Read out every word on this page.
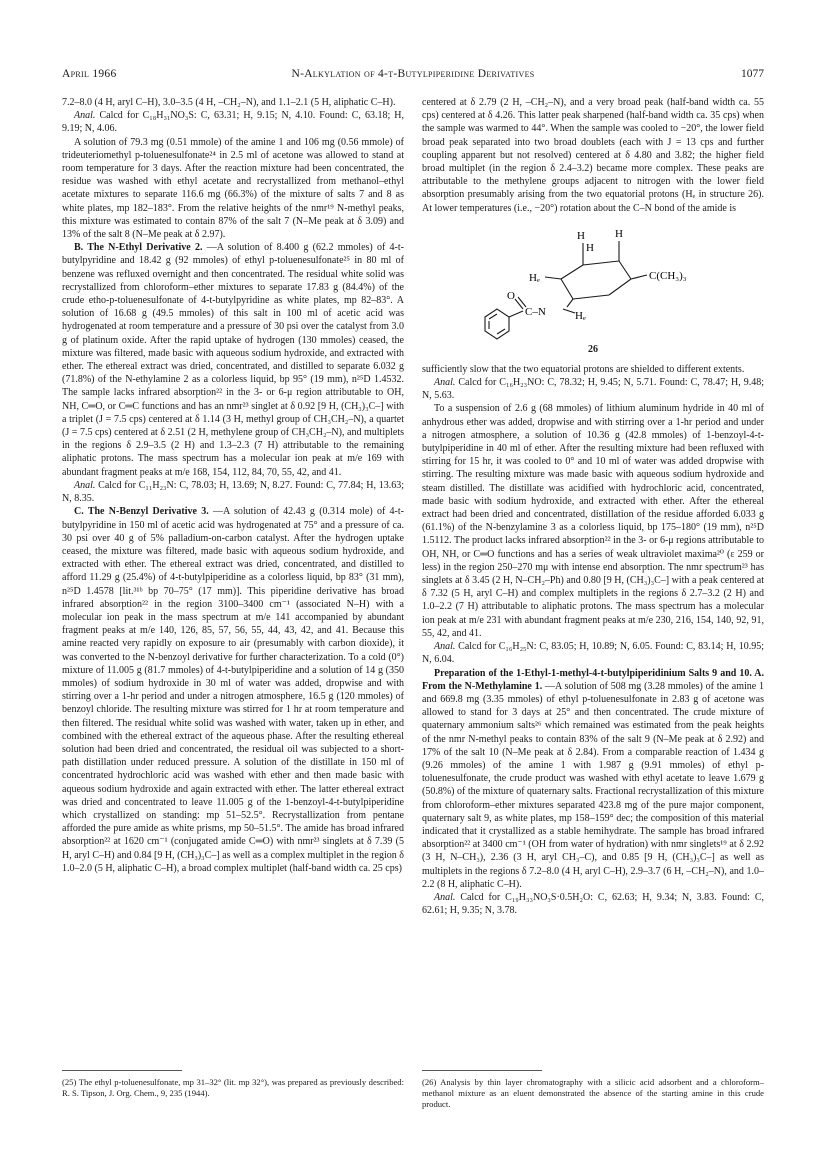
April 1966	N-Alkylation of 4-t-Butylpiperidine Derivatives	1077

7.2–8.0 (4 H, aryl C–H), 3.0–3.5 (4 H, –CH₂–N), and 1.1–2.1 (5 H, aliphatic C–H).

Anal. Calcd for C₁₈H₃₁NO₃S: C, 63.31; H, 9.15; N, 4.10. Found: C, 63.18; H, 9.19; N, 4.06.

A solution of 79.3 mg (0.51 mmole) of the amine 1 and 106 mg (0.56 mmole) of trideuteriomethyl p-toluenesulfonate²⁴ in 2.5 ml of acetone was allowed to stand at room temperature for 3 days. After the reaction mixture had been concentrated, the residue was washed with ethyl acetate and recrystallized from methanol–ethyl acetate mixtures to separate 116.6 mg (66.3%) of the mixture of salts 7 and 8 as white plates, mp 182–183°. From the relative heights of the nmr¹⁹ N-methyl peaks, this mixture was estimated to contain 87% of the salt 7 (N–Me peak at δ 3.09) and 13% of the salt 8 (N–Me peak at δ 2.97).

B. The N-Ethyl Derivative 2. —A solution of 8.400 g (62.2 mmoles) of 4-t-butylpyridine and 18.42 g (92 mmoles) of ethyl p-toluenesulfonate²⁵ in 80 ml of benzene was refluxed overnight and then concentrated. The residual white solid was recrystallized from chloroform–ether mixtures to separate 17.83 g (84.4%) of the crude etho-p-toluenesulfonate of 4-t-butylpyridine as white plates, mp 82–83°. A solution of 16.68 g (49.5 mmoles) of this salt in 100 ml of acetic acid was hydrogenated at room temperature and a pressure of 30 psi over the catalyst from 3.0 g of platinum oxide. After the rapid uptake of hydrogen (130 mmoles) ceased, the mixture was filtered, made basic with aqueous sodium hydroxide, and extracted with ether. The ethereal extract was dried, concentrated, and distilled to separate 6.032 g (71.8%) of the N-ethylamine 2 as a colorless liquid, bp 95° (19 mm), n²⁵D 1.4532. The sample lacks infrared absorption²² in the 3- or 6-μ region attributable to OH, NH, C═O, or C═C functions and has an nmr²³ singlet at δ 0.92 [9 H, (CH₃)₃C–] with a triplet (J = 7.5 cps) centered at δ 1.14 (3 H, methyl group of CH₃CH₂–N), a quartet (J = 7.5 cps) centered at δ 2.51 (2 H, methylene group of CH₃CH₂–N), and multiplets in the regions δ 2.9–3.5 (2 H) and 1.3–2.3 (7 H) attributable to the remaining aliphatic protons. The mass spectrum has a molecular ion peak at m/e 169 with abundant fragment peaks at m/e 168, 154, 112, 84, 70, 55, 42, and 41.

Anal. Calcd for C₁₁H₂₃N: C, 78.03; H, 13.69; N, 8.27. Found: C, 77.84; H, 13.63; N, 8.35.

C. The N-Benzyl Derivative 3. —A solution of 42.43 g (0.314 mole) of 4-t-butylpyridine in 150 ml of acetic acid was hydrogenated at 75° and a pressure of ca. 30 psi over 40 g of 5% palladium-on-carbon catalyst. After the hydrogen uptake ceased, the mixture was filtered, made basic with aqueous sodium hydroxide, and extracted with ether. The ethereal extract was dried, concentrated, and distilled to afford 11.29 g (25.4%) of 4-t-butylpiperidine as a colorless liquid, bp 83° (31 mm), n²⁵D 1.4578 [lit.³¹ᵇ bp 70–75° (17 mm)]. This piperidine derivative has broad infrared absorption²² in the region 3100–3400 cm⁻¹ (associated N–H) with a molecular ion peak in the mass spectrum at m/e 141 accompanied by abundant fragment peaks at m/e 140, 126, 85, 57, 56, 55, 44, 43, 42, and 41. Because this amine reacted very rapidly on exposure to air (presumably with carbon dioxide), it was converted to the N-benzoyl derivative for further characterization. To a cold (0°) mixture of 11.005 g (81.7 mmoles) of 4-t-butylpiperidine and a solution of 14 g (350 mmoles) of sodium hydroxide in 30 ml of water was added, dropwise and with stirring over a 1-hr period and under a nitrogen atmosphere, 16.5 g (120 mmoles) of benzoyl chloride. The resulting mixture was stirred for 1 hr at room temperature and then filtered. The residual white solid was washed with water, taken up in ether, and combined with the ethereal extract of the aqueous phase. After the resulting ethereal solution had been dried and concentrated, the residual oil was subjected to a short-path distillation under reduced pressure. A solution of the distillate in 150 ml of concentrated hydrochloric acid was washed with ether and then made basic with aqueous sodium hydroxide and again extracted with ether. The latter ethereal extract was dried and concentrated to leave 11.005 g of the 1-benzoyl-4-t-butylpiperidine which crystallized on standing: mp 51–52.5°. Recrystallization from pentane afforded the pure amide as white prisms, mp 50–51.5°. The amide has broad infrared absorption²² at 1620 cm⁻¹ (conjugated amide C═O) with nmr²³ singlets at δ 7.39 (5 H, aryl C–H) and 0.84 [9 H, (CH₃)₃C–] as well as a complex multiplet in the region δ 1.0–2.0 (5 H, aliphatic C–H), a broad complex multiplet (half-band width ca. 25 cps)

centered at δ 2.79 (2 H, –CH₂–N), and a very broad peak (half-band width ca. 55 cps) centered at δ 4.26. This latter peak sharpened (half-band width ca. 35 cps) when the sample was warmed to 44°. When the sample was cooled to −20°, the lower field broad peak separated into two broad doublets (each with J = 13 cps and further coupling apparent but not resolved) centered at δ 4.80 and 3.82; the higher field broad multiplet (in the region δ 2.4–3.2) became more complex. These peaks are attributable to the methylene groups adjacent to nitrogen with the lower field absorption presumably arising from the two equatorial protons (Hₑ in structure 26). At lower temperatures (i.e., −20°) rotation about the C–N bond of the amide is

H
H
H
Hₑ
Hₑ
O
C–N
C(CH₃)₃
26

sufficiently slow that the two equatorial protons are shielded to different extents.

Anal. Calcd for C₁₆H₂₃NO: C, 78.32; H, 9.45; N, 5.71. Found: C, 78.47; H, 9.48; N, 5.63.

To a suspension of 2.6 g (68 mmoles) of lithium aluminum hydride in 40 ml of anhydrous ether was added, dropwise and with stirring over a 1-hr period and under a nitrogen atmosphere, a solution of 10.36 g (42.8 mmoles) of 1-benzoyl-4-t-butylpiperidine in 40 ml of ether. After the resulting mixture had been refluxed with stirring for 15 hr, it was cooled to 0° and 10 ml of water was added dropwise with stirring. The resulting mixture was made basic with aqueous sodium hydroxide and steam distilled. The distillate was acidified with hydrochloric acid, concentrated, made basic with sodium hydroxide, and extracted with ether. After the ethereal extract had been dried and concentrated, distillation of the residue afforded 6.033 g (61.1%) of the N-benzylamine 3 as a colorless liquid, bp 175–180° (19 mm), n²⁵D 1.5112. The product lacks infrared absorption²² in the 3- or 6-μ regions attributable to OH, NH, or C═O functions and has a series of weak ultraviolet maxima²⁰ (ε 259 or less) in the region 250–270 mμ with intense end absorption. The nmr spectrum²³ has singlets at δ 3.45 (2 H, N–CH₂–Ph) and 0.80 [9 H, (CH₃)₃C–] with a peak centered at δ 7.32 (5 H, aryl C–H) and complex multiplets in the regions δ 2.7–3.2 (2 H) and 1.0–2.2 (7 H) attributable to aliphatic protons. The mass spectrum has a molecular ion peak at m/e 231 with abundant fragment peaks at m/e 230, 216, 154, 140, 92, 91, 55, 42, and 41.

Anal. Calcd for C₁₆H₂₅N: C, 83.05; H, 10.89; N, 6.05. Found: C, 83.14; H, 10.95; N, 6.04.

Preparation of the 1-Ethyl-1-methyl-4-t-butylpiperidinium Salts 9 and 10. A. From the N-Methylamine 1. —A solution of 508 mg (3.28 mmoles) of the amine 1 and 669.8 mg (3.35 mmoles) of ethyl p-toluenesulfonate in 2.83 g of acetone was allowed to stand for 3 days at 25° and then concentrated. The crude mixture of quaternary ammonium salts²⁶ which remained was estimated from the peak heights of the nmr N-methyl peaks to contain 83% of the salt 9 (N–Me peak at δ 2.92) and 17% of the salt 10 (N–Me peak at δ 2.84). From a comparable reaction of 1.434 g (9.26 mmoles) of the amine 1 with 1.987 g (9.91 mmoles) of ethyl p-toluenesulfonate, the crude product was washed with ethyl acetate to leave 1.679 g (50.8%) of the mixture of quaternary salts. Fractional recrystallization of this mixture from chloroform–ether mixtures separated 423.8 mg of the pure major component, quaternary salt 9, as white plates, mp 158–159° dec; the composition of this material indicated that it crystallized as a stable hemihydrate. The sample has broad infrared absorption²² at 3400 cm⁻¹ (OH from water of hydration) with nmr singlets¹⁹ at δ 2.92 (3 H, N–CH₃), 2.36 (3 H, aryl CH₃–C), and 0.85 [9 H, (CH₃)₃C–] as well as multiplets in the regions δ 7.2–8.0 (4 H, aryl C–H), 2.9–3.7 (6 H, –CH₂–N), and 1.0–2.2 (8 H, aliphatic C–H).

Anal. Calcd for C₁₉H₃₃NO₃S·0.5H₂O: C, 62.63; H, 9.34; N, 3.83. Found: C, 62.61; H, 9.35; N, 3.78.

(25) The ethyl p-toluenesulfonate, mp 31–32° (lit. mp 32°), was prepared as previously described: R. S. Tipson, J. Org. Chem., 9, 235 (1944).
(26) Analysis by thin layer chromatography with a silicic acid adsorbent and a chloroform–methanol mixture as an eluent demonstrated the absence of the starting amine in this crude product.
